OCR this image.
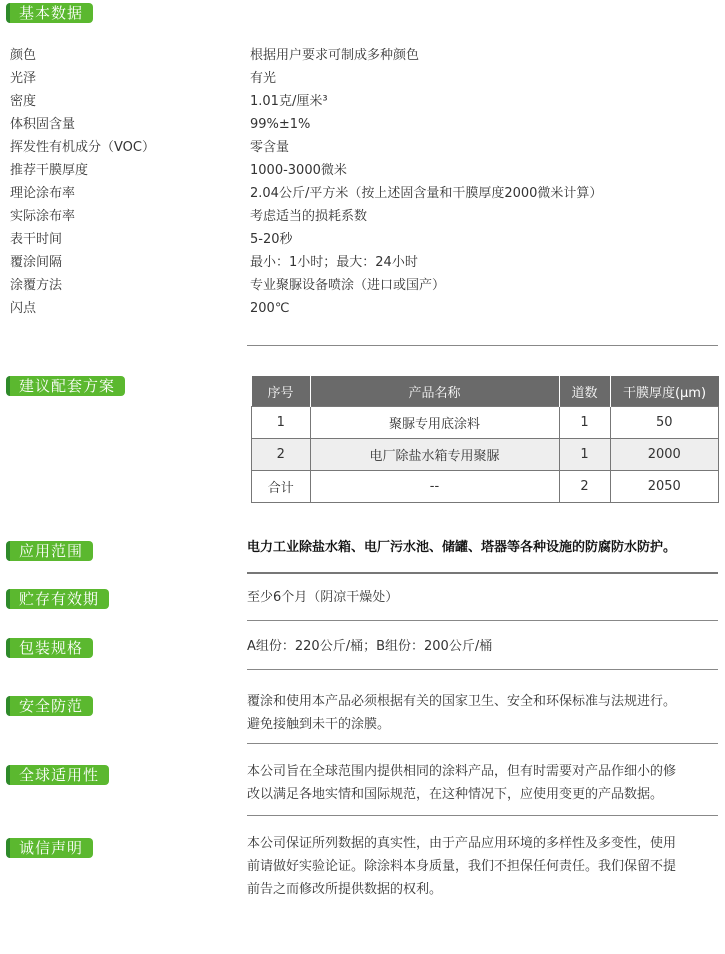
基本数据
颜色	根据用户要求可制成多种颜色
光泽	有光
密度	1.01克/厘米³
体积固含量	99%±1%
挥发性有机成分（VOC）	零含量
推荐干膜厚度	1000-3000微米
理论涂布率	2.04公斤/平方米（按上述固含量和干膜厚度2000微米计算）
实际涂布率	考虑适当的损耗系数
表干时间	5-20秒
覆涂间隔	最小：1小时；最大：24小时
涂覆方法	专业聚脲设备喷涂（进口或国产）
闪点	200℃
建议配套方案	序号	产品名称	道数	干膜厚度(μm)
1	聚脲专用底涂料	1	50
2	电厂除盐水箱专用聚脲	1	2000
合计	--	2	2050
应用范围	电力工业除盐水箱、电厂污水池、储罐、塔器等各种设施的防腐防水防护。
贮存有效期	至少6个月（阴凉干燥处）
包装规格	A组份：220公斤/桶；B组份：200公斤/桶
安全防范	覆涂和使用本产品必须根据有关的国家卫生、安全和环保标准与法规进行。
避免接触到未干的涂膜。
全球适用性	本公司旨在全球范围内提供相同的涂料产品，但有时需要对产品作细小的修
改以满足各地实情和国际规范，在这种情况下，应使用变更的产品数据。
诚信声明	本公司保证所列数据的真实性，由于产品应用环境的多样性及多变性，使用
前请做好实验论证。除涂料本身质量，我们不担保任何责任。我们保留不提
前告之而修改所提供数据的权利。
